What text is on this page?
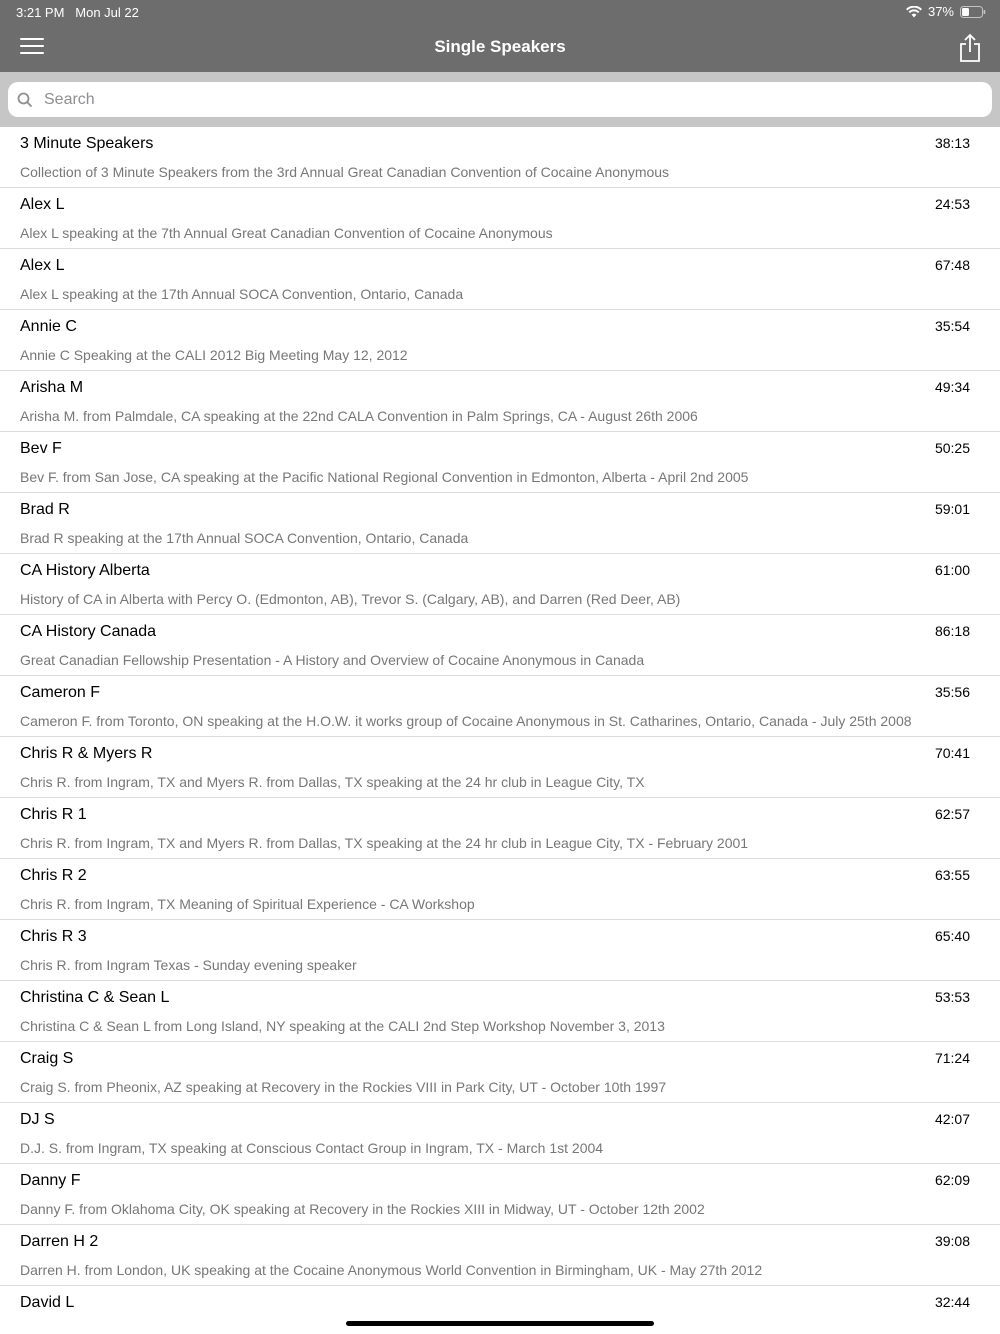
3:21 PM Mon Jul 22	37%
Single Speakers
Search
3 Minute Speakers	38:13
Collection of 3 Minute Speakers from the 3rd Annual Great Canadian Convention of Cocaine Anonymous
Alex L	24:53
Alex L speaking at the 7th Annual Great Canadian Convention of Cocaine Anonymous
Alex L	67:48
Alex L speaking at the 17th Annual SOCA Convention, Ontario, Canada
Annie C	35:54
Annie C Speaking at the CALI 2012 Big Meeting May 12, 2012
Arisha M	49:34
Arisha M. from Palmdale, CA speaking at the 22nd CALA Convention in Palm Springs, CA - August 26th 2006
Bev F	50:25
Bev F. from San Jose, CA speaking at the Pacific National Regional Convention in Edmonton, Alberta - April 2nd 2005
Brad R	59:01
Brad R speaking at the 17th Annual SOCA Convention, Ontario, Canada
CA History Alberta	61:00
History of CA in Alberta with Percy O. (Edmonton, AB), Trevor S. (Calgary, AB), and Darren (Red Deer, AB)
CA History Canada	86:18
Great Canadian Fellowship Presentation - A History and Overview of Cocaine Anonymous in Canada
Cameron F	35:56
Cameron F. from Toronto, ON speaking at the H.O.W. it works group of Cocaine Anonymous in St. Catharines, Ontario, Canada - July 25th 2008
Chris R & Myers R	70:41
Chris R. from Ingram, TX and Myers R. from Dallas, TX speaking at the 24 hr club in League City, TX
Chris R 1	62:57
Chris R. from Ingram, TX and Myers R. from Dallas, TX speaking at the 24 hr club in League City, TX - February 2001
Chris R 2	63:55
Chris R. from Ingram, TX Meaning of Spiritual Experience - CA Workshop
Chris R 3	65:40
Chris R. from Ingram Texas - Sunday evening speaker
Christina C & Sean L	53:53
Christina C & Sean L from Long Island, NY speaking at the CALI 2nd Step Workshop November 3, 2013
Craig S	71:24
Craig S. from Pheonix, AZ speaking at Recovery in the Rockies VIII in Park City, UT - October 10th 1997
DJ S	42:07
D.J. S. from Ingram, TX speaking at Conscious Contact Group in Ingram, TX - March 1st 2004
Danny F	62:09
Danny F. from Oklahoma City, OK speaking at Recovery in the Rockies XIII in Midway, UT - October 12th 2002
Darren H 2	39:08
Darren H. from London, UK speaking at the Cocaine Anonymous World Convention in Birmingham, UK - May 27th 2012
David L	32:44
